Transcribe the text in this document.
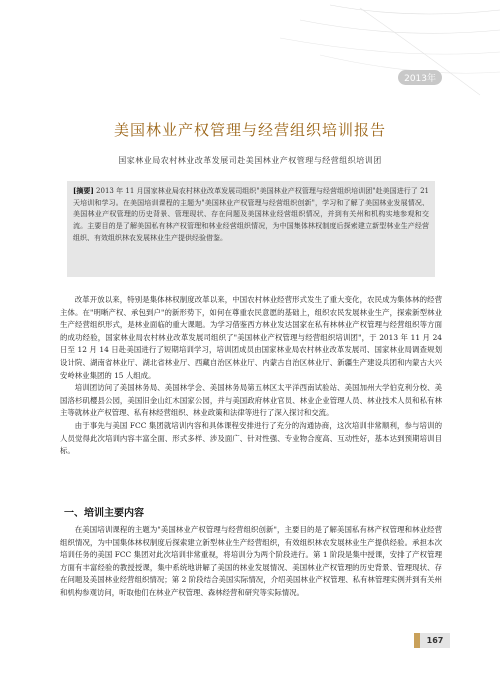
2013年
美国林业产权管理与经营组织培训报告
国家林业局农村林业改革发展司赴美国林业产权管理与经营组织培训团
[摘要] 2013 年 11 月国家林业局农村林业改革发展司组织"美国林业产权管理与经营组织培训团"赴美国进行了 21 天培训和学习。在美国培训课程的主题为"美国林业产权管理与经营组织创新"，学习和了解了美国林业发展情况、美国林业产权管理的历史背景、管理现状、存在问题及美国林业经营组织情况，并到有关州和机构实地参观和交流。主要目的是了解美国私有林产权管理和林业经营组织情况，为中国集体林权制度后探索建立新型林业生产经营组织、有效组织林农发展林业生产提供经验借鉴。

改革开放以来，特别是集体林权制度改革以来，中国农村林业经营形式发生了重大变化，农民成为集体林的经营主体。在"明晰产权、承包到户"的新形势下，如何在尊重农民意愿的基础上，组织农民发展林业生产，探索新型林业生产经营组织形式，是林业面临的重大课题。为学习借鉴西方林业发达国家在私有林林业产权管理与经营组织等方面的成功经验，国家林业局农村林业改革发展司组织了"美国林业产权管理与经营组织培训团"，于 2013 年 11 月 24 日至 12 月 14 日赴美国进行了短期培训学习，培训团成员由国家林业局农村林业改革发展司、国家林业局调查规划设计院、湖南省林业厅、湖北省林业厅、西藏自治区林业厅、内蒙古自治区林业厅、新疆生产建设兵团和内蒙古大兴安岭林业集团的 15 人组成。

培训团访问了美国林务局、美国林学会、美国林务局第五林区太平洋西南试验站、美国加州大学伯克利分校、美国洛杉矶樱县公园，美国旧金山红木国家公园，并与美国政府林业官员、林业企业管理人员、林业技术人员和私有林主等就林业产权管理、私有林经营组织、林业政策和法律等进行了深入探讨和交流。

由于事先与美国 FCC 集团就培训内容和具体课程安排进行了充分的沟通协商，这次培训非常顺利，参与培训的人员觉得此次培训内容丰富全面、形式多样、涉及面广、针对性强、专业物合度高、互动性好，基本达到预期培训目标。

一、培训主要内容

在美国培训课程的主题为"美国林业产权管理与经营组织创新"，主要目的是了解美国私有林产权管理和林业经营组织情况，为中国集体林权制度后探索建立新型林业生产经营组织，有效组织林农发展林业生产提供经验。承担本次培训任务的美国 FCC 集团对此次培训非常重视，将培训分为两个阶段进行。第 1 阶段是集中授课，安排了产权管理方面有丰富经验的教授授课，集中系统地讲解了美国的林业发展情况、美国林业产权管理的历史背景、管理现状、存在问题及美国林业经营组织情况；第 2 阶段结合美国实际情况，介绍美国林业产权管理、私有林管理实例并到有关州和机构参观访问，听取他们在林业产权管理、森林经营和研究等实际情况。

167
